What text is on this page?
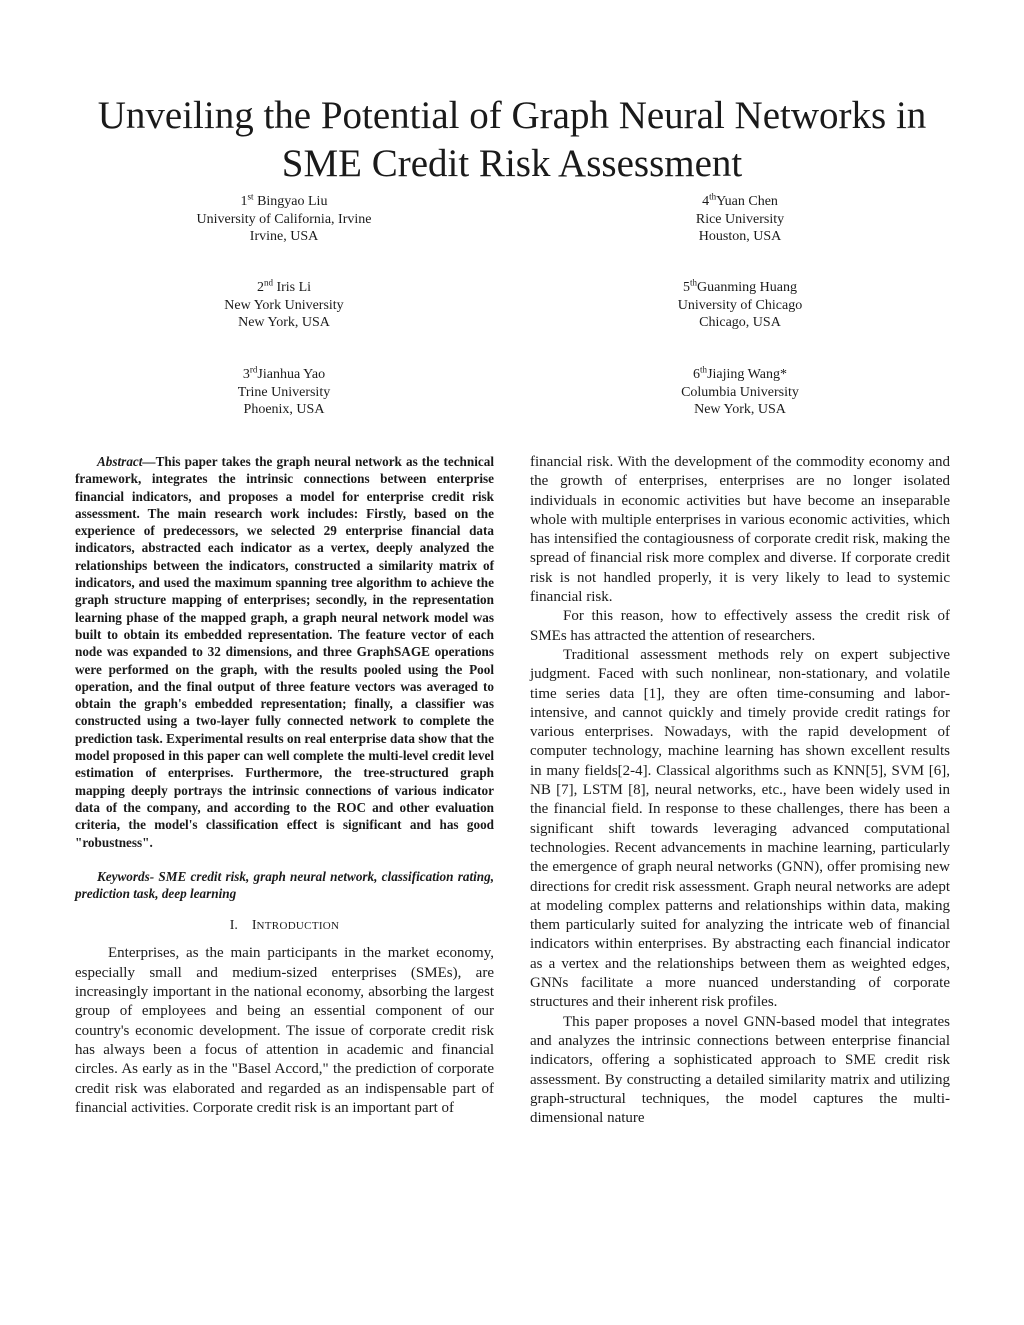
Unveiling the Potential of Graph Neural Networks in
SME Credit Risk Assessment
1st Bingyao Liu
University of California, Irvine
Irvine, USA
4thYuan Chen
Rice University
Houston, USA
2nd Iris Li
New York University
New York, USA
5thGuanming Huang
University of Chicago
Chicago, USA
3rdJianhua Yao
Trine University
Phoenix, USA
6thJiajing Wang*
Columbia University
New York, USA

Abstract—This paper takes the graph neural network as the technical framework, integrates the intrinsic connections between enterprise financial indicators, and proposes a model for enterprise credit risk assessment. The main research work includes: Firstly, based on the experience of predecessors, we selected 29 enterprise financial data indicators, abstracted each indicator as a vertex, deeply analyzed the relationships between the indicators, constructed a similarity matrix of indicators, and used the maximum spanning tree algorithm to achieve the graph structure mapping of enterprises; secondly, in the representation learning phase of the mapped graph, a graph neural network model was built to obtain its embedded representation. The feature vector of each node was expanded to 32 dimensions, and three GraphSAGE operations were performed on the graph, with the results pooled using the Pool operation, and the final output of three feature vectors was averaged to obtain the graph's embedded representation; finally, a classifier was constructed using a two-layer fully connected network to complete the prediction task. Experimental results on real enterprise data show that the model proposed in this paper can well complete the multi-level credit level estimation of enterprises. Furthermore, the tree-structured graph mapping deeply portrays the intrinsic connections of various indicator data of the company, and according to the ROC and other evaluation criteria, the model's classification effect is significant and has good "robustness".

Keywords- SME credit risk, graph neural network, classification rating, prediction task, deep learning

I. INTRODUCTION

Enterprises, as the main participants in the market economy, especially small and medium-sized enterprises (SMEs), are increasingly important in the national economy, absorbing the largest group of employees and being an essential component of our country's economic development. The issue of corporate credit risk has always been a focus of attention in academic and financial circles. As early as in the "Basel Accord," the prediction of corporate credit risk was elaborated and regarded as an indispensable part of financial activities. Corporate credit risk is an important part of

financial risk. With the development of the commodity economy and the growth of enterprises, enterprises are no longer isolated individuals in economic activities but have become an inseparable whole with multiple enterprises in various economic activities, which has intensified the contagiousness of corporate credit risk, making the spread of financial risk more complex and diverse. If corporate credit risk is not handled properly, it is very likely to lead to systemic financial risk.

For this reason, how to effectively assess the credit risk of SMEs has attracted the attention of researchers.

Traditional assessment methods rely on expert subjective judgment. Faced with such nonlinear, non-stationary, and volatile time series data [1], they are often time-consuming and labor-intensive, and cannot quickly and timely provide credit ratings for various enterprises. Nowadays, with the rapid development of computer technology, machine learning has shown excellent results in many fields[2-4]. Classical algorithms such as KNN[5], SVM [6], NB [7], LSTM [8], neural networks, etc., have been widely used in the financial field. In response to these challenges, there has been a significant shift towards leveraging advanced computational technologies. Recent advancements in machine learning, particularly the emergence of graph neural networks (GNN), offer promising new directions for credit risk assessment. Graph neural networks are adept at modeling complex patterns and relationships within data, making them particularly suited for analyzing the intricate web of financial indicators within enterprises. By abstracting each financial indicator as a vertex and the relationships between them as weighted edges, GNNs facilitate a more nuanced understanding of corporate structures and their inherent risk profiles.

This paper proposes a novel GNN-based model that integrates and analyzes the intrinsic connections between enterprise financial indicators, offering a sophisticated approach to SME credit risk assessment. By constructing a detailed similarity matrix and utilizing graph-structural techniques, the model captures the multi-dimensional nature
